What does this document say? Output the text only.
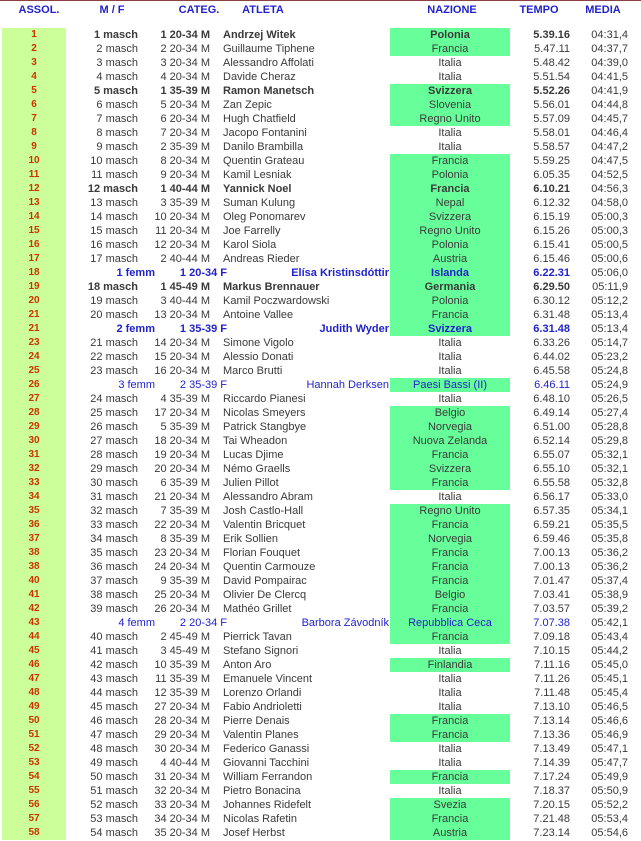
ASSOL.	M / F	CATEG. ATLETA	NAZIONE	TEMPO MEDIA
1	1 masch	1 20-34 M	Andrzej Witek	Polonia	5.39.16	04:31,4
2	2 masch	2 20-34 M	Guillaume Tiphene	Francia	5.47.11	04:37,7
3	3 masch	3 20-34 M	Alessandro Affolati	Italia	5.48.42	04:39,0
4	4 masch	4 20-34 M	Davide Cheraz	Italia	5.51.54	04:41,5
5	5 masch	1 35-39 M	Ramon Manetsch	Svizzera	5.52.26	04:41,9
6	6 masch	5 20-34 M	Zan Zepic	Slovenia	5.56.01	04:44,8
7	7 masch	6 20-34 M	Hugh Chatfield	Regno Unito	5.57.09	04:45,7
8	8 masch	7 20-34 M	Jacopo Fontanini	Italia	5.58.01	04:46,4
9	9 masch	2 35-39 M	Danilo Brambilla	Italia	5.58.57	04:47,2
10	10 masch	8 20-34 M	Quentin Grateau	Francia	5.59.25	04:47,5
11	11 masch	9 20-34 M	Kamil Lesniak	Polonia	6.05.35	04:52,5
12	12 masch	1 40-44 M	Yannick Noel	Francia	6.10.21	04:56,3
13	13 masch	3 35-39 M	Suman Kulung	Nepal	6.12.32	04:58,0
14	14 masch	10 20-34 M	Oleg Ponomarev	Svizzera	6.15.19	05:00,3
15	15 masch	11 20-34 M	Joe Farrelly	Regno Unito	6.15.26	05:00,3
16	16 masch	12 20-34 M	Karol Siola	Polonia	6.15.41	05:00,5
17	17 masch	2 40-44 M	Andreas Rieder	Austria	6.15.46	05:00,6
18	1 femm	1 20-34 F	Elísa Kristinsdóttir	Islanda	6.22.31	05:06,0
19	18 masch	1 45-49 M	Markus Brennauer	Germania	6.29.50	05:11,9
20	19 masch	3 40-44 M	Kamil Poczwardowski	Polonia	6.30.12	05:12,2
21	20 masch	13 20-34 M	Antoine Vallee	Francia	6.31.48	05:13,4
21	2 femm	1 35-39 F	Judith Wyder	Svizzera	6.31.48	05:13,4
23	21 masch	14 20-34 M	Simone Vigolo	Italia	6.33.26	05:14,7
24	22 masch	15 20-34 M	Alessio Donati	Italia	6.44.02	05:23,2
25	23 masch	16 20-34 M	Marco Brutti	Italia	6.45.58	05:24,8
26	3 femm	2 35-39 F	Hannah Derksen	Paesi Bassi (II)	6.46.11	05:24,9
27	24 masch	4 35-39 M	Riccardo Pianesi	Italia	6.48.10	05:26,5
28	25 masch	17 20-34 M	Nicolas Smeyers	Belgio	6.49.14	05:27,4
29	26 masch	5 35-39 M	Patrick Stangbye	Norvegia	6.51.00	05:28,8
30	27 masch	18 20-34 M	Tai Wheadon	Nuova Zelanda	6.52.14	05:29,8
31	28 masch	19 20-34 M	Lucas Djime	Francia	6.55.07	05:32,1
32	29 masch	20 20-34 M	Némo Graells	Svizzera	6.55.10	05:32,1
33	30 masch	6 35-39 M	Julien Pillot	Francia	6.55.58	05:32,8
34	31 masch	21 20-34 M	Alessandro Abram	Italia	6.56.17	05:33,0
35	32 masch	7 35-39 M	Josh Castlo-Hall	Regno Unito	6.57.35	05:34,1
36	33 masch	22 20-34 M	Valentin Bricquet	Francia	6.59.21	05:35,5
37	34 masch	8 35-39 M	Erik Sollien	Norvegia	6.59.46	05:35,8
38	35 masch	23 20-34 M	Florian Fouquet	Francia	7.00.13	05:36,2
38	36 masch	24 20-34 M	Quentin Carmouze	Francia	7.00.13	05:36,2
40	37 masch	9 35-39 M	David Pompairac	Francia	7.01.47	05:37,4
41	38 masch	25 20-34 M	Olivier De Clercq	Belgio	7.03.41	05:38,9
42	39 masch	26 20-34 M	Mathéo Grillet	Francia	7.03.57	05:39,2
43	4 femm	2 20-34 F	Barbora Závodník	Repubblica Ceca	7.07.38	05:42,1
44	40 masch	2 45-49 M	Pierrick Tavan	Francia	7.09.18	05:43,4
45	41 masch	3 45-49 M	Stefano Signori	Italia	7.10.15	05:44,2
46	42 masch	10 35-39 M	Anton Aro	Finlandia	7.11.16	05:45,0
47	43 masch	11 35-39 M	Emanuele Vincent	Italia	7.11.26	05:45,1
48	44 masch	12 35-39 M	Lorenzo Orlandi	Italia	7.11.48	05:45,4
49	45 masch	27 20-34 M	Fabio Andrioletti	Italia	7.13.10	05:46,5
50	46 masch	28 20-34 M	Pierre Denais	Francia	7.13.14	05:46,6
51	47 masch	29 20-34 M	Valentin Planes	Francia	7.13.36	05:46,9
52	48 masch	30 20-34 M	Federico Ganassi	Italia	7.13.49	05:47,1
53	49 masch	4 40-44 M	Giovanni Tacchini	Italia	7.14.39	05:47,7
54	50 masch	31 20-34 M	William Ferrandon	Francia	7.17.24	05:49,9
55	51 masch	32 20-34 M	Pietro Bonacina	Italia	7.18.37	05:50,9
56	52 masch	33 20-34 M	Johannes Ridefelt	Svezia	7.20.15	05:52,2
57	53 masch	34 20-34 M	Nicolas Rafetin	Francia	7.21.48	05:53,4
58	54 masch	35 20-34 M	Josef Herbst	Austria	7.23.14	05:54,6
